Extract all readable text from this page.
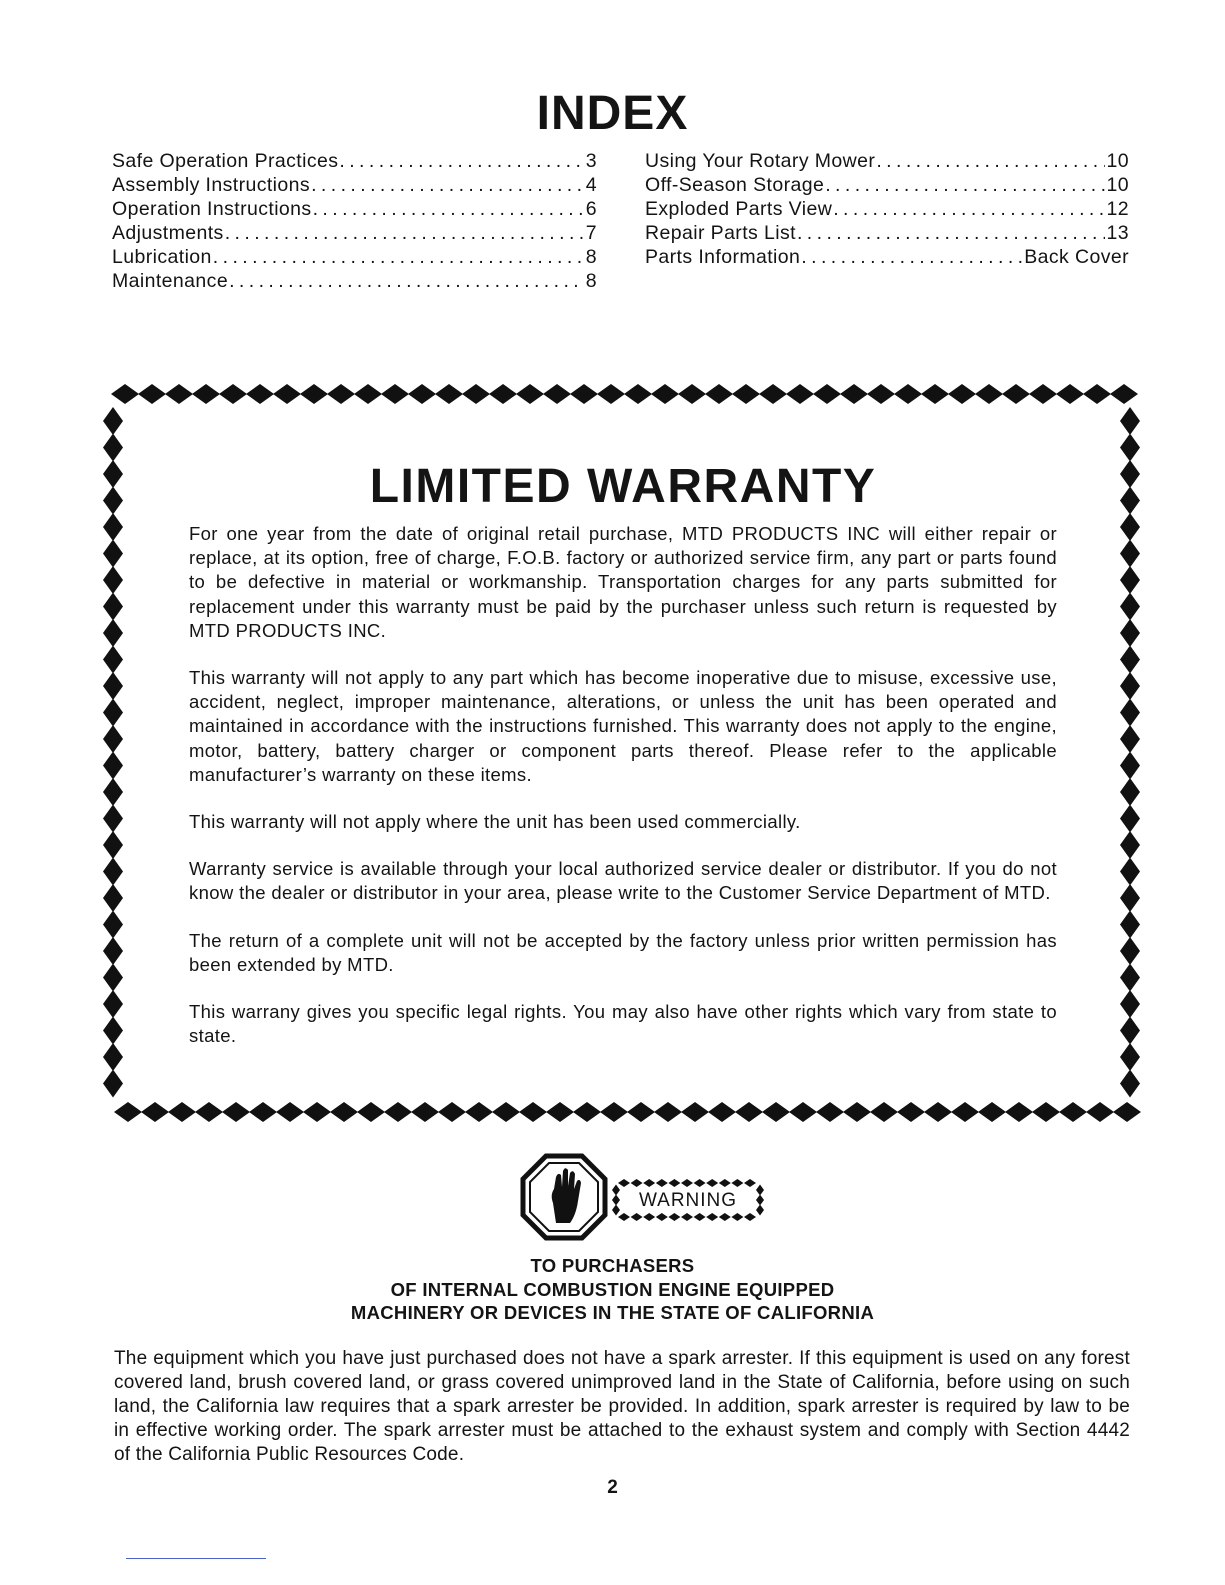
INDEX
Safe Operation Practices . . .	3
Assembly Instructions . . .	4
Operation Instructions . . .	6
Adjustments . . .	7
Lubrication . . .	8
Maintenance . . .	8
Using Your Rotary Mower . . .	10
Off-Season Storage . . .	10
Exploded Parts View . . .	12
Repair Parts List . . .	13
Parts Information . . .	Back Cover
LIMITED WARRANTY

For one year from the date of original retail purchase, MTD PRODUCTS INC will either repair or replace, at its option, free of charge, F.O.B. factory or authorized service firm, any part or parts found to be defective in material or workmanship. Transportation charges for any parts submitted for replacement under this warranty must be paid by the purchaser unless such return is requested by MTD PRODUCTS INC.

This warranty will not apply to any part which has become inoperative due to misuse, excessive use, accident, neglect, improper maintenance, alterations, or unless the unit has been operated and maintained in accordance with the instructions furnished. This warranty does not apply to the engine, motor, battery, battery charger or component parts thereof. Please refer to the applicable manufacturer’s warranty on these items.

This warranty will not apply where the unit has been used commercially.

Warranty service is available through your local authorized service dealer or distributor. If you do not know the dealer or distributor in your area, please write to the Customer Service Department of MTD.

The return of a complete unit will not be accepted by the factory unless prior written permission has been extended by MTD.

This warrany gives you specific legal rights. You may also have other rights which vary from state to state.

WARNING
TO PURCHASERS
OF INTERNAL COMBUSTION ENGINE EQUIPPED
MACHINERY OR DEVICES IN THE STATE OF CALIFORNIA

The equipment which you have just purchased does not have a spark arrester. If this equipment is used on any forest covered land, brush covered land, or grass covered unimproved land in the State of California, before using on such land, the California law requires that a spark arrester be provided. In addition, spark arrester is required by law to be in effective working order. The spark arrester must be attached to the exhaust system and comply with Section 4442 of the California Public Resources Code.

2
